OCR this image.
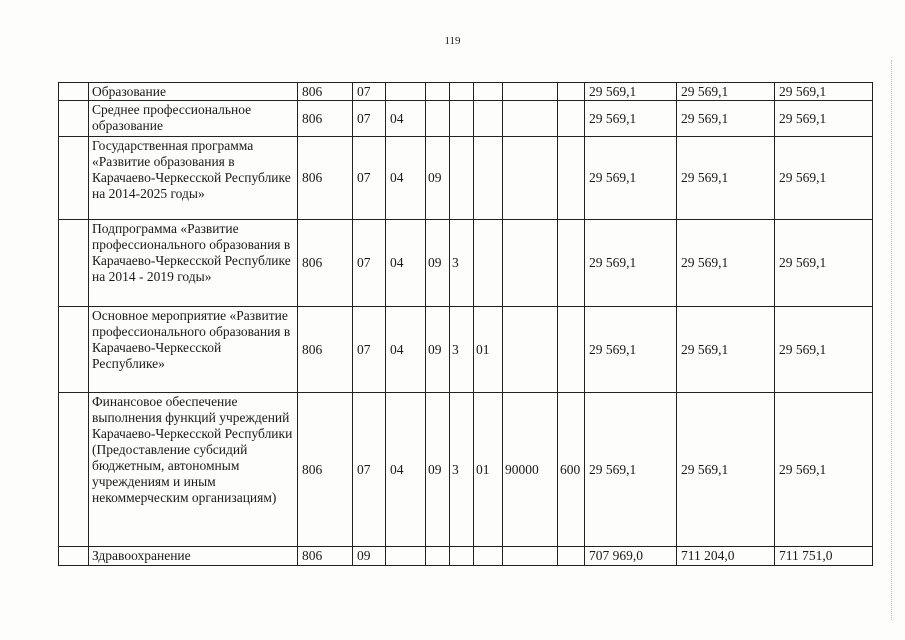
119
	Образование	806	07							29 569,1	29 569,1	29 569,1
	Среднее профессиональное образование	806	07	04						29 569,1	29 569,1	29 569,1
	Государственная программа «Развитие образования в Карачаево-Черкесской Республике на 2014-2025 годы»	806	07	04	09					29 569,1	29 569,1	29 569,1
	Подпрограмма «Развитие профессионального образования в Карачаево-Черкесской Республике на 2014 - 2019 годы»	806	07	04	09	3				29 569,1	29 569,1	29 569,1
	Основное мероприятие «Развитие профессионального образования в Карачаево-Черкесской Республике»	806	07	04	09	3	01			29 569,1	29 569,1	29 569,1
	Финансовое обеспечение выполнения функций учреждений Карачаево-Черкесской Республики (Предоставление субсидий бюджетным, автономным учреждениям и иным некоммерческим организациям)	806	07	04	09	3	01	90000	600	29 569,1	29 569,1	29 569,1
	Здравоохранение	806	09							707 969,0	711 204,0	711 751,0
